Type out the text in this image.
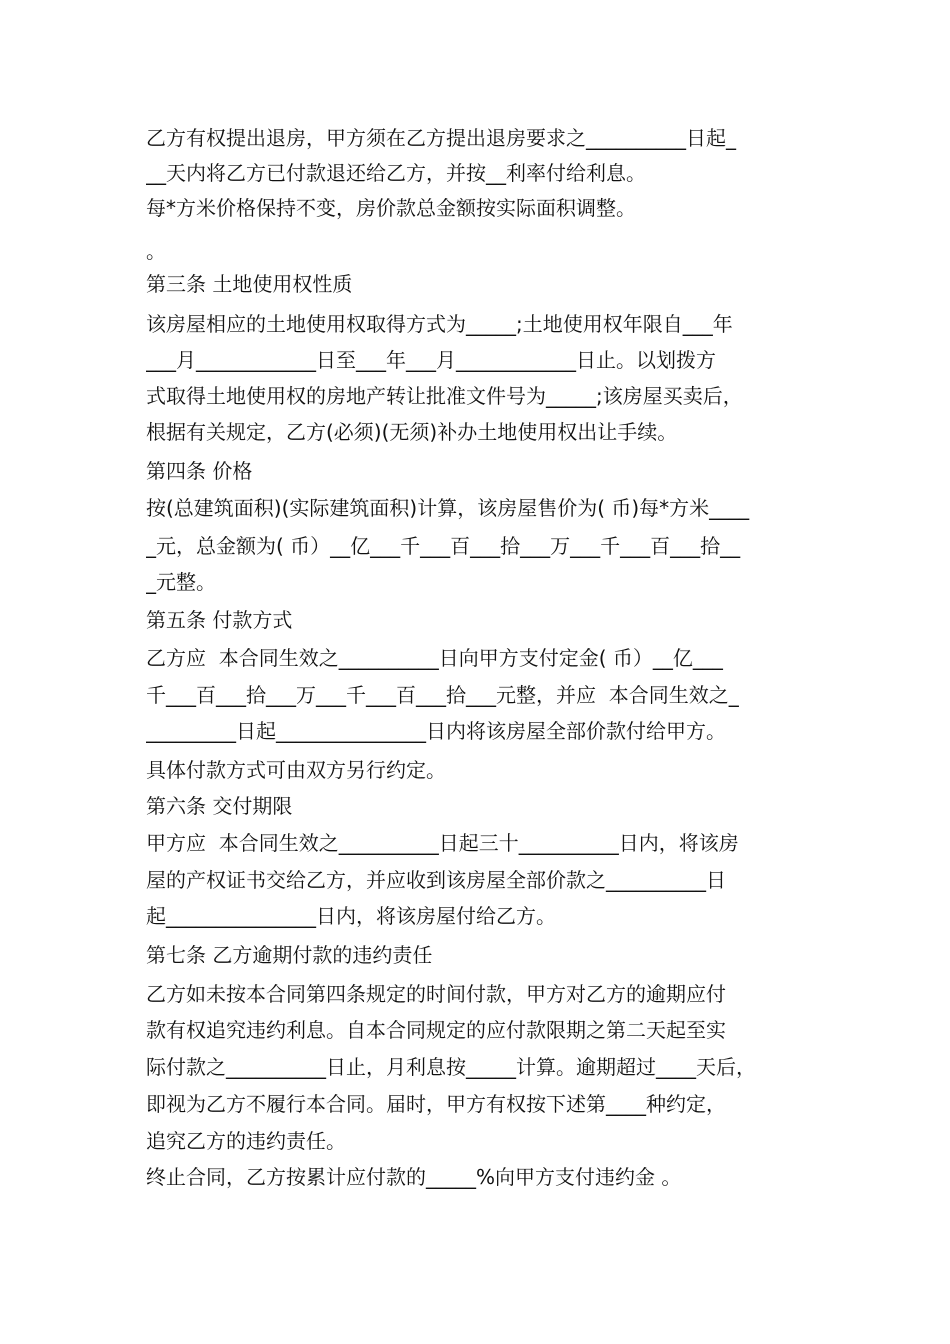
乙方有权提出退房，甲方须在乙方提出退房要求之__________日起_
__天内将乙方已付款退还给乙方，并按__利率付给利息。
每*方米价格保持不变，房价款总金额按实际面积调整。
。
第三条 土地使用权性质
该房屋相应的土地使用权取得方式为_____;土地使用权年限自___年
___月____________日至___年___月____________日止。以划拨方
式取得土地使用权的房地产转让批准文件号为_____;该房屋买卖后，
根据有关规定，乙方(必须)(无须)补办土地使用权出让手续。
第四条 价格
按(总建筑面积)(实际建筑面积)计算，该房屋售价为( 币)每*方米____
_元，总金额为( 币）__亿___千___百___拾___万___千___百___拾__
_元整。
第五条 付款方式
乙方应  本合同生效之__________日向甲方支付定金( 币）__亿___
千___百___拾___万___千___百___拾___元整，并应  本合同生效之_
_________日起_______________日内将该房屋全部价款付给甲方。
具体付款方式可由双方另行约定。
第六条 交付期限
甲方应  本合同生效之__________日起三十__________日内，将该房
屋的产权证书交给乙方，并应收到该房屋全部价款之__________日
起_______________日内，将该房屋付给乙方。
第七条 乙方逾期付款的违约责任
乙方如未按本合同第四条规定的时间付款，甲方对乙方的逾期应付
款有权追究违约利息。自本合同规定的应付款限期之第二天起至实
际付款之__________日止，月利息按_____计算。逾期超过____天后，
即视为乙方不履行本合同。届时，甲方有权按下述第____种约定，
追究乙方的违约责任。
终止合同，乙方按累计应付款的_____%向甲方支付违约金 。
